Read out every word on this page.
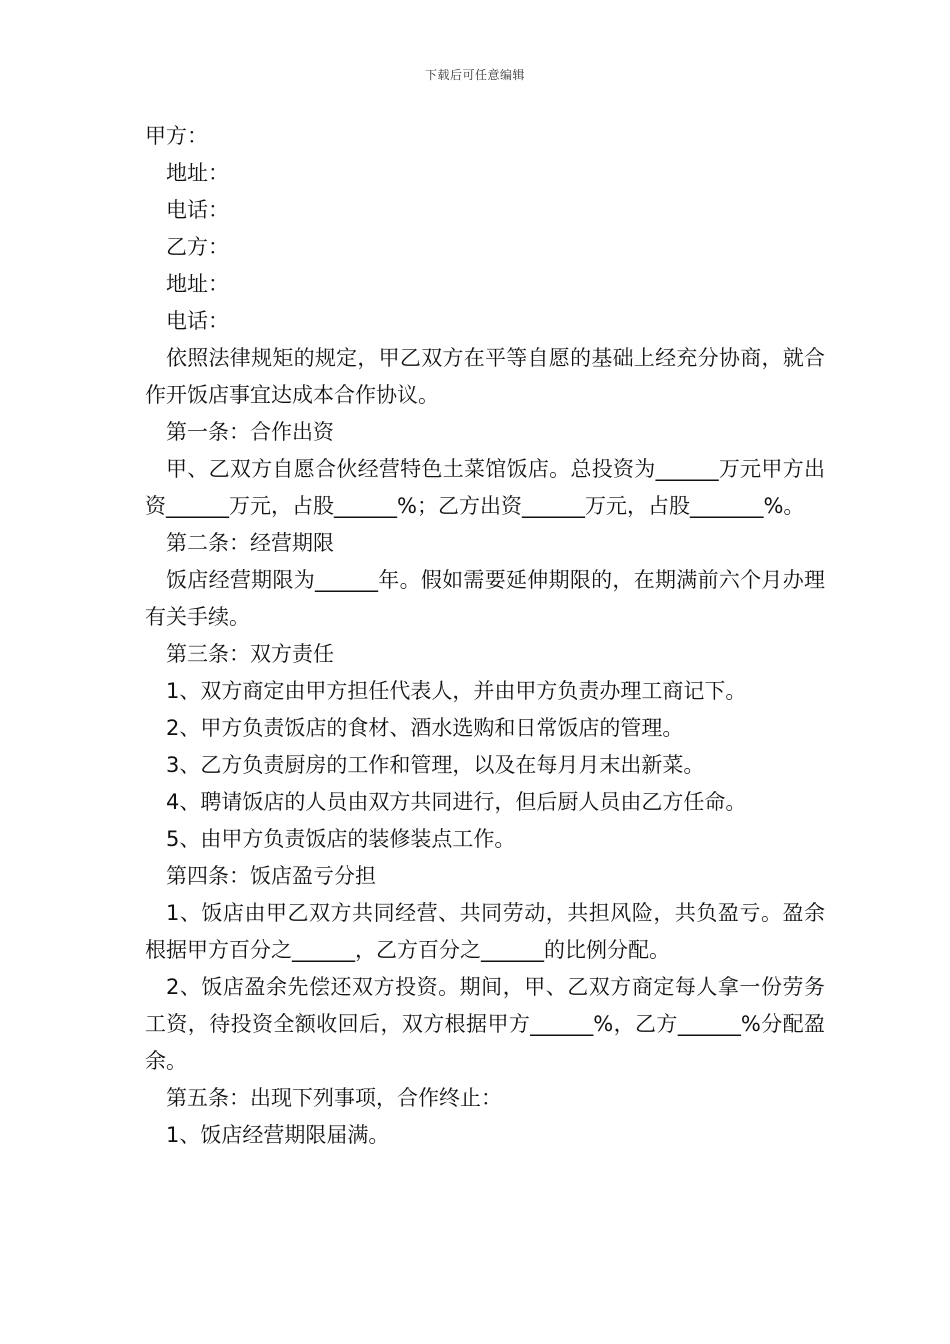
下载后可任意编辑
甲方：
地址：
电话：
乙方：
地址：
电话：

依照法律规矩的规定，甲乙双方在平等自愿的基础上经充分协商，就合作开饭店事宜达成本合作协议。

第一条：合作出资

甲、乙双方自愿合伙经营特色土菜馆饭店。总投资为______万元甲方出资______万元，占股______%；乙方出资______万元，占股_______%。

第二条：经营期限

饭店经营期限为______年。假如需要延伸期限的，在期满前六个月办理有关手续。

第三条：双方责任
1、双方商定由甲方担任代表人，并由甲方负责办理工商记下。
2、甲方负责饭店的食材、酒水选购和日常饭店的管理。
3、乙方负责厨房的工作和管理，以及在每月月末出新菜。
4、聘请饭店的人员由双方共同进行，但后厨人员由乙方任命。
5、由甲方负责饭店的装修装点工作。
第四条：饭店盈亏分担

1、饭店由甲乙双方共同经营、共同劳动，共担风险，共负盈亏。盈余根据甲方百分之______，乙方百分之______的比例分配。

2、饭店盈余先偿还双方投资。期间，甲、乙双方商定每人拿一份劳务工资，待投资全额收回后，双方根据甲方______%，乙方______%分配盈余。

第五条：出现下列事项，合作终止：
1、饭店经营期限届满。
